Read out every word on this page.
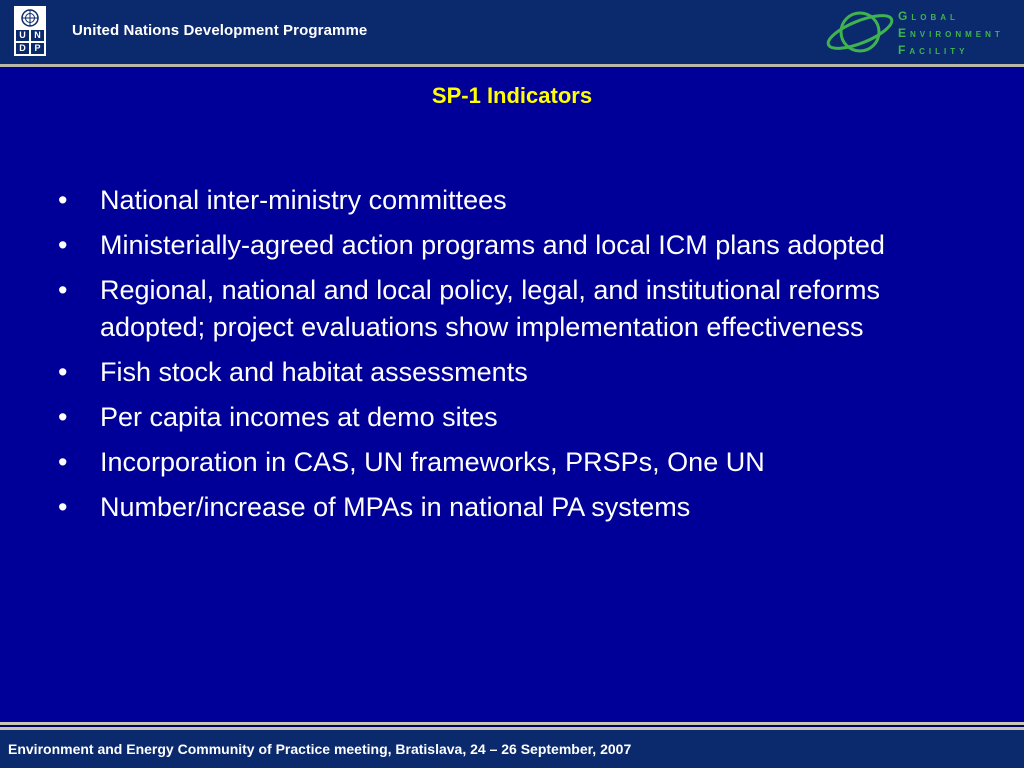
U N
D P
United Nations Development Programme
Global
Environment
Facility
SP-1 Indicators
• National inter-ministry committees
• Ministerially-agreed action programs and local ICM plans adopted
• Regional, national and local policy, legal, and institutional reforms adopted; project evaluations show implementation effectiveness
• Fish stock and habitat assessments
• Per capita incomes at demo sites
• Incorporation in CAS, UN frameworks, PRSPs, One UN
• Number/increase of MPAs in national PA systems
Environment and Energy Community of Practice meeting, Bratislava, 24 – 26 September, 2007
